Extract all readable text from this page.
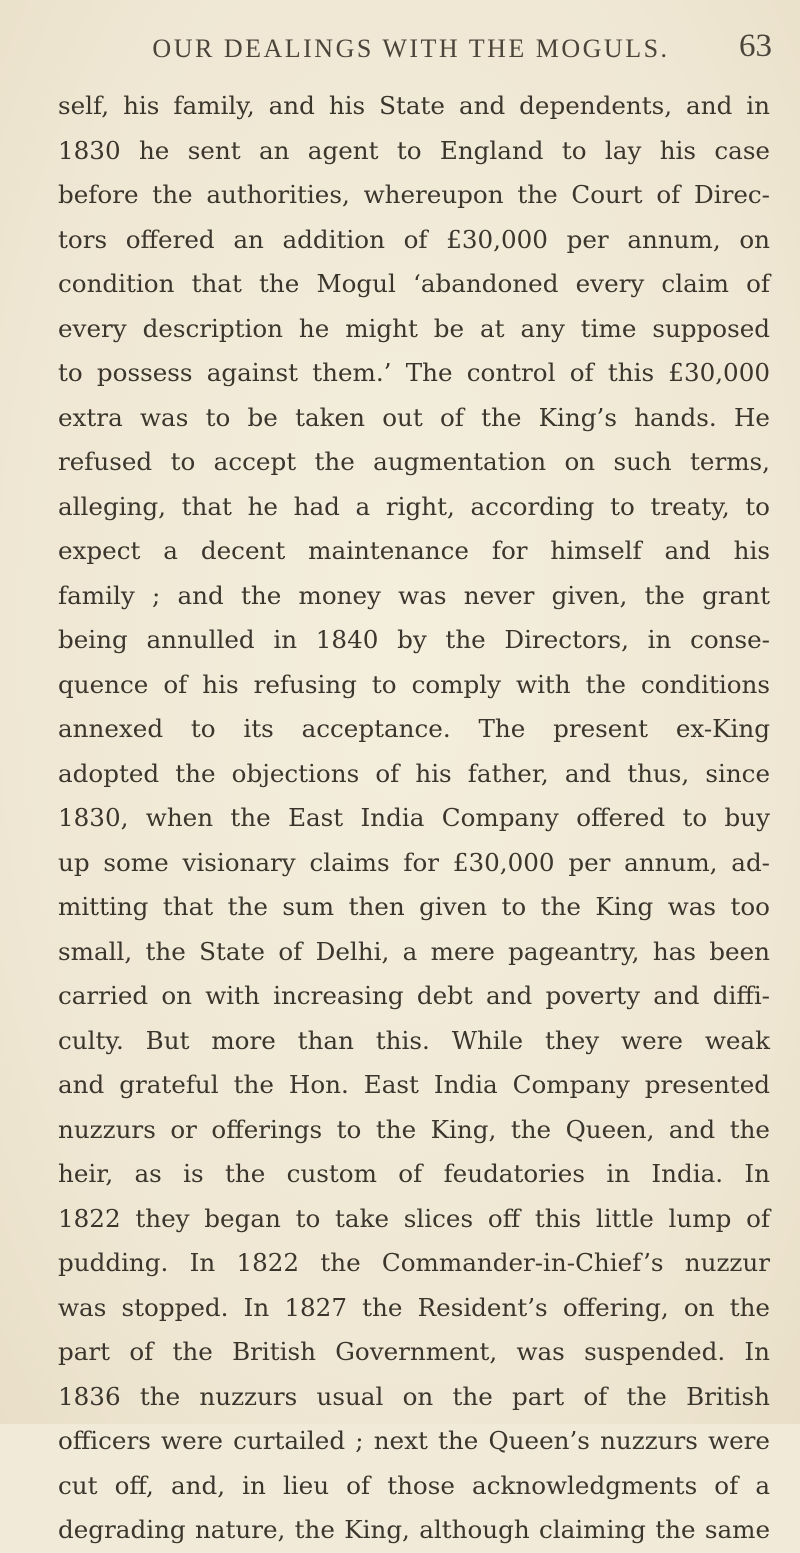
OUR DEALINGS WITH THE MOGULS.	63
self, his family, and his State and dependents, and in
1830 he sent an agent to England to lay his case
before the authorities, whereupon the Court of Direc-
tors offered an addition of £30,000 per annum, on
condition that the Mogul ‘abandoned every claim of
every description he might be at any time supposed
to possess against them.’ The control of this £30,000
extra was to be taken out of the King’s hands. He
refused to accept the augmentation on such terms,
alleging, that he had a right, according to treaty, to
expect a decent maintenance for himself and his
family ; and the money was never given, the grant
being annulled in 1840 by the Directors, in conse-
quence of his refusing to comply with the conditions
annexed to its acceptance. The present ex-King
adopted the objections of his father, and thus, since
1830, when the East India Company offered to buy
up some visionary claims for £30,000 per annum, ad-
mitting that the sum then given to the King was too
small, the State of Delhi, a mere pageantry, has been
carried on with increasing debt and poverty and diffi-
culty. But more than this. While they were weak
and grateful the Hon. East India Company presented
nuzzurs or offerings to the King, the Queen, and the
heir, as is the custom of feudatories in India. In
1822 they began to take slices off this little lump of
pudding. In 1822 the Commander-in-Chief’s nuzzur
was stopped. In 1827 the Resident’s offering, on the
part of the British Government, was suspended. In
1836 the nuzzurs usual on the part of the British
officers were curtailed ; next the Queen’s nuzzurs were
cut off, and, in lieu of those acknowledgments of a
degrading nature, the King, although claiming the same
